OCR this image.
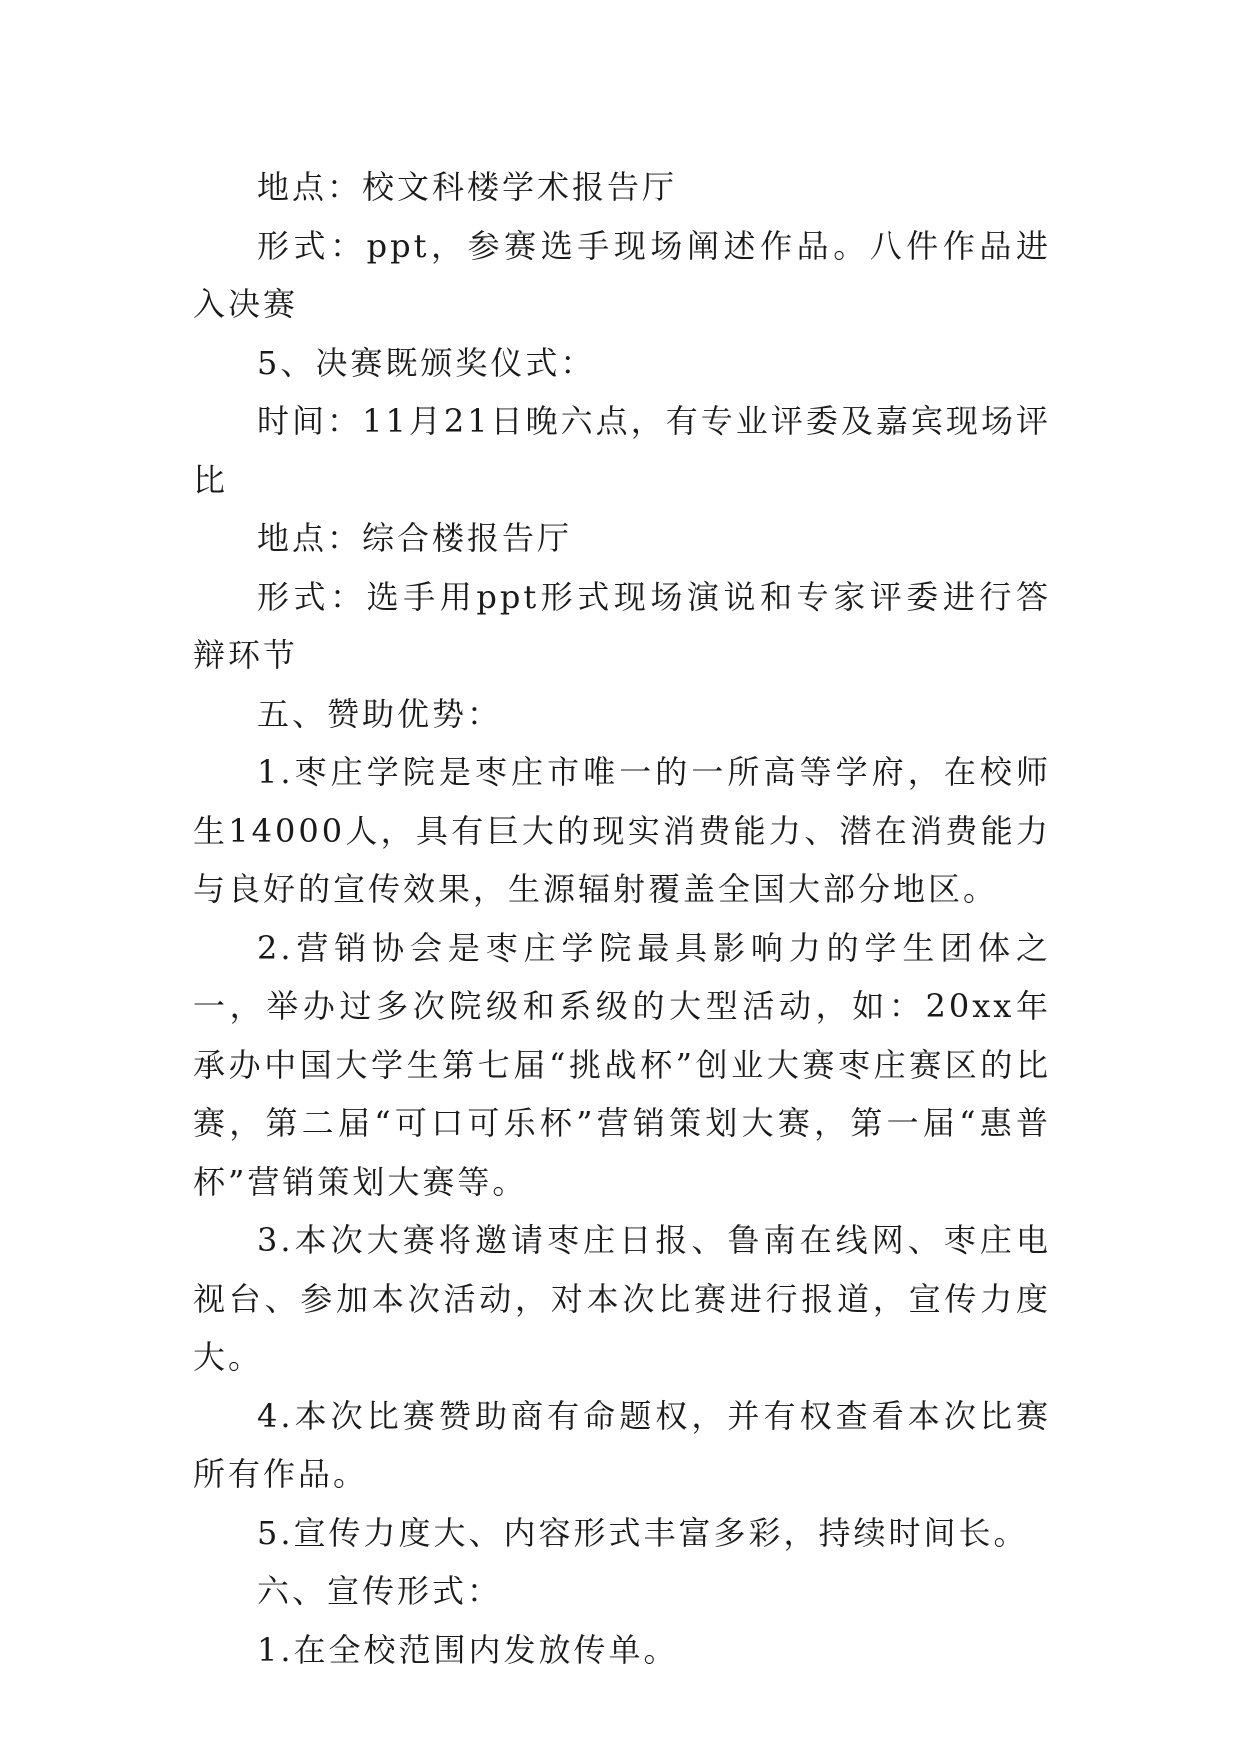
地点：校文科楼学术报告厅

形式：ppt，参赛选手现场阐述作品。八件作品进入决赛

5、决赛既颁奖仪式：

时间：11月21日晚六点，有专业评委及嘉宾现场评比

地点：综合楼报告厅

形式：选手用ppt形式现场演说和专家评委进行答辩环节

五、赞助优势：

1.枣庄学院是枣庄市唯一的一所高等学府，在校师生14000人，具有巨大的现实消费能力、潜在消费能力与良好的宣传效果，生源辐射覆盖全国大部分地区。

2.营销协会是枣庄学院最具影响力的学生团体之一，举办过多次院级和系级的大型活动，如：20xx年承办中国大学生第七届“挑战杯”创业大赛枣庄赛区的比赛，第二届“可口可乐杯”营销策划大赛，第一届“惠普杯”营销策划大赛等。

3.本次大赛将邀请枣庄日报、鲁南在线网、枣庄电视台、参加本次活动，对本次比赛进行报道，宣传力度大。

4.本次比赛赞助商有命题权，并有权查看本次比赛所有作品。

5.宣传力度大、内容形式丰富多彩，持续时间长。

六、宣传形式：

1.在全校范围内发放传单。
